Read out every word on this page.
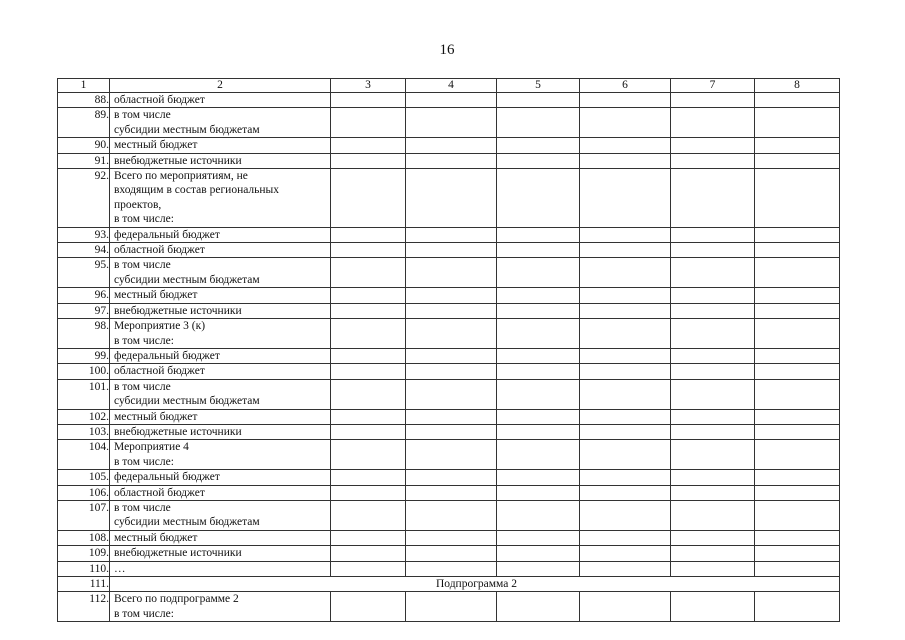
16
1	2	3	4	5	6	7	8
88.	областной бюджет						

89.	в том числе
субсидии местным бюджетам						

90.	местный бюджет						

91.	внебюджетные источники						

92.	Всего по мероприятиям, не
входящим в состав региональных
проектов,
в том числе:						

93.	федеральный бюджет						

94.	областной бюджет						

95.	в том числе
субсидии местным бюджетам						

96.	местный бюджет						

97.	внебюджетные источники						

98.	Мероприятие 3 (к)
в том числе:						

99.	федеральный бюджет						

100.	областной бюджет						

101.	в том числе
субсидии местным бюджетам						

102.	местный бюджет						

103.	внебюджетные источники						

104.	Мероприятие 4
в том числе:						

105.	федеральный бюджет						

106.	областной бюджет						

107.	в том числе
субсидии местным бюджетам						

108.	местный бюджет						

109.	внебюджетные источники						

110.	…						

111.	Подпрограмма 2						
112.	Всего по подпрограмме 2
в том числе:						
